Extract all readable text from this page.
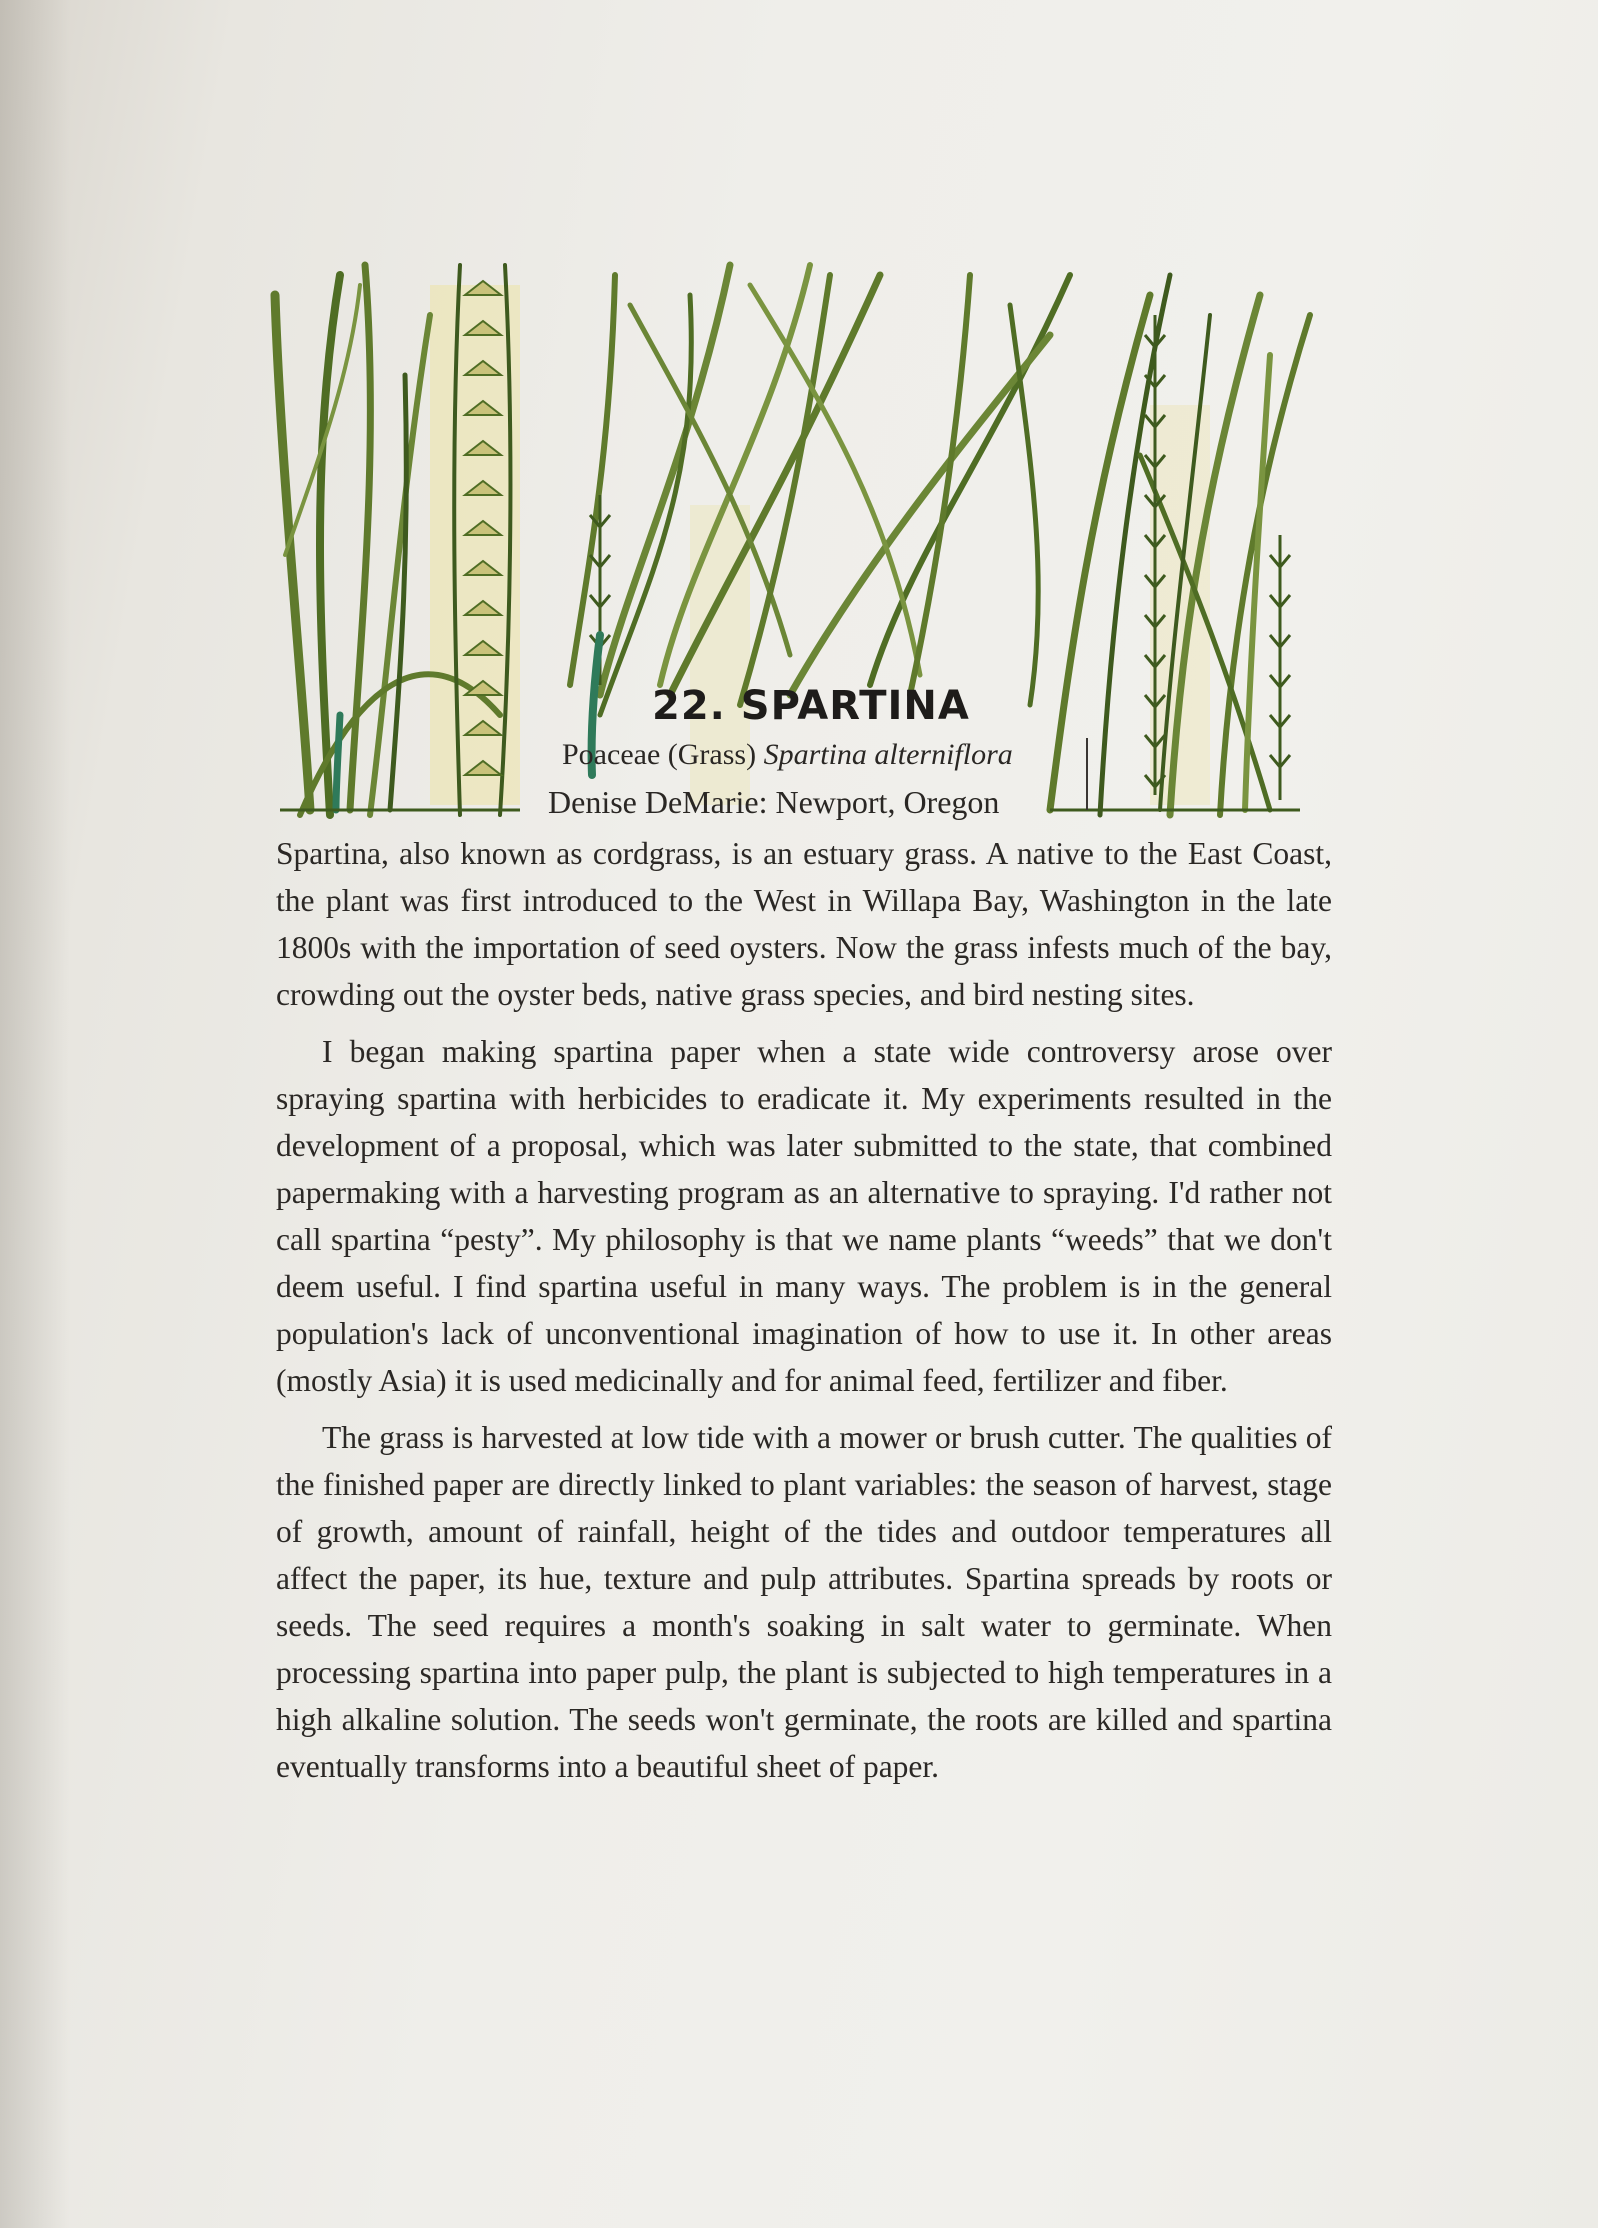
22. SPARTINA
Poaceae (Grass) Spartina alterniflora
Denise DeMarie: Newport, Oregon

Spartina, also known as cordgrass, is an estuary grass. A native to the East Coast, the plant was first introduced to the West in Willapa Bay, Washington in the late 1800s with the importation of seed oysters. Now the grass infests much of the bay, crowding out the oyster beds, native grass species, and bird nesting sites.

I began making spartina paper when a state wide controversy arose over spraying spartina with herbicides to eradicate it. My experiments resulted in the development of a proposal, which was later submitted to the state, that combined papermaking with a harvesting program as an alternative to spraying. I'd rather not call spartina “pesty”. My philosophy is that we name plants “weeds” that we don't deem useful. I find spartina useful in many ways. The problem is in the general population's lack of unconventional imagination of how to use it. In other areas (mostly Asia) it is used medicinally and for animal feed, fertilizer and fiber.

The grass is harvested at low tide with a mower or brush cutter. The qualities of the finished paper are directly linked to plant variables: the season of harvest, stage of growth, amount of rainfall, height of the tides and outdoor temperatures all affect the paper, its hue, texture and pulp attributes. Spartina spreads by roots or seeds. The seed requires a month's soaking in salt water to germinate. When processing spartina into paper pulp, the plant is subjected to high temperatures in a high alkaline solution. The seeds won't germinate, the roots are killed and spartina eventually transforms into a beautiful sheet of paper.
